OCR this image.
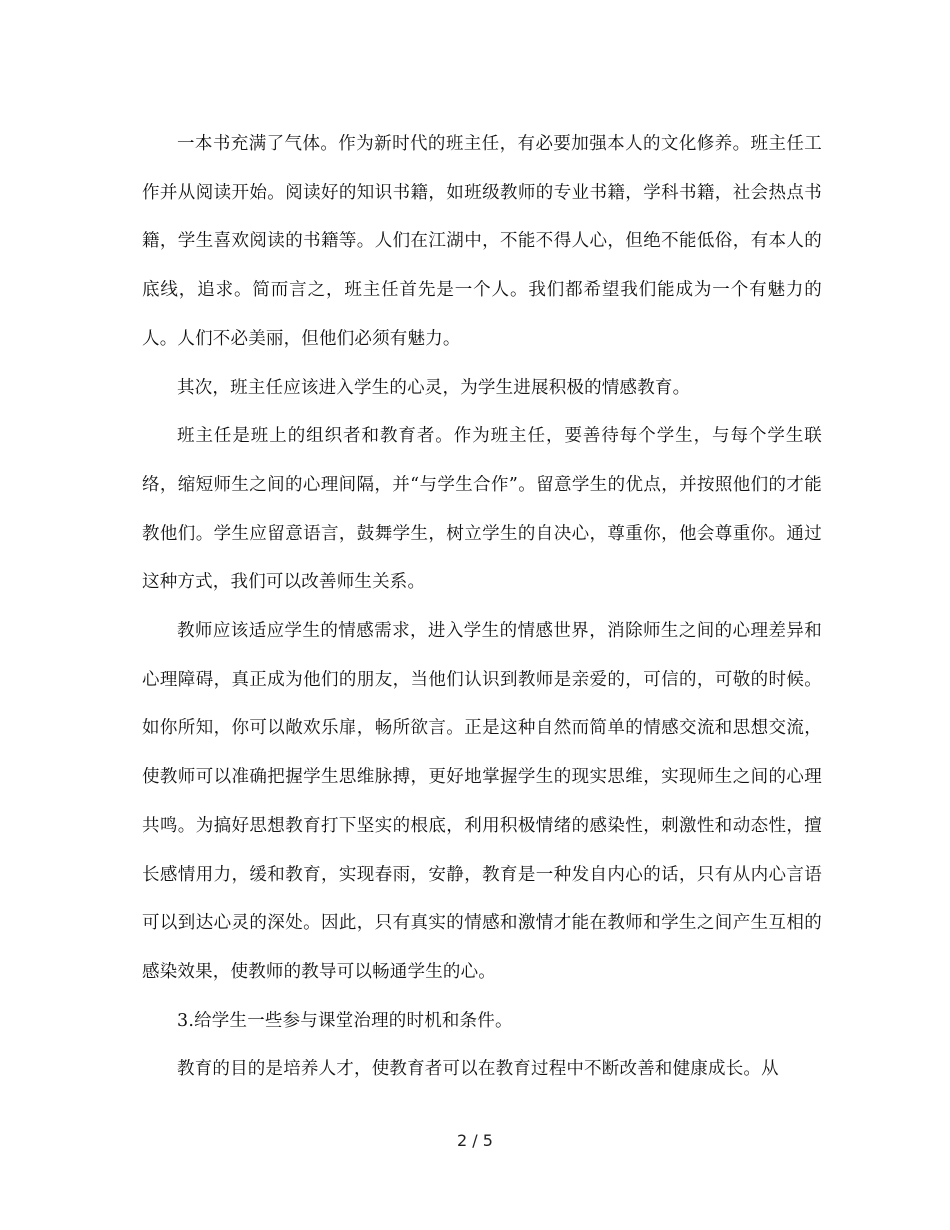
一本书充满了气体。作为新时代的班主任，有必要加强本人的文化修养。班主任工作并从阅读开始。阅读好的知识书籍，如班级教师的专业书籍，学科书籍，社会热点书籍，学生喜欢阅读的书籍等。人们在江湖中，不能不得人心，但绝不能低俗，有本人的底线，追求。简而言之，班主任首先是一个人。我们都希望我们能成为一个有魅力的人。人们不必美丽，但他们必须有魅力。

其次，班主任应该进入学生的心灵，为学生进展积极的情感教育。

班主任是班上的组织者和教育者。作为班主任，要善待每个学生，与每个学生联络，缩短师生之间的心理间隔，并“与学生合作”。留意学生的优点，并按照他们的才能教他们。学生应留意语言，鼓舞学生，树立学生的自决心，尊重你，他会尊重你。通过这种方式，我们可以改善师生关系。

教师应该适应学生的情感需求，进入学生的情感世界，消除师生之间的心理差异和心理障碍，真正成为他们的朋友，当他们认识到教师是亲爱的，可信的，可敬的时候。如你所知，你可以敞欢乐扉，畅所欲言。正是这种自然而简单的情感交流和思想交流，使教师可以准确把握学生思维脉搏，更好地掌握学生的现实思维，实现师生之间的心理共鸣。为搞好思想教育打下坚实的根底，利用积极情绪的感染性，刺激性和动态性，擅长感情用力，缓和教育，实现春雨，安静，教育是一种发自内心的话，只有从内心言语可以到达心灵的深处。因此，只有真实的情感和激情才能在教师和学生之间产生互相的感染效果，使教师的教导可以畅通学生的心。

3.给学生一些参与课堂治理的时机和条件。

教育的目的是培养人才，使教育者可以在教育过程中不断改善和健康成长。从

2 / 5
